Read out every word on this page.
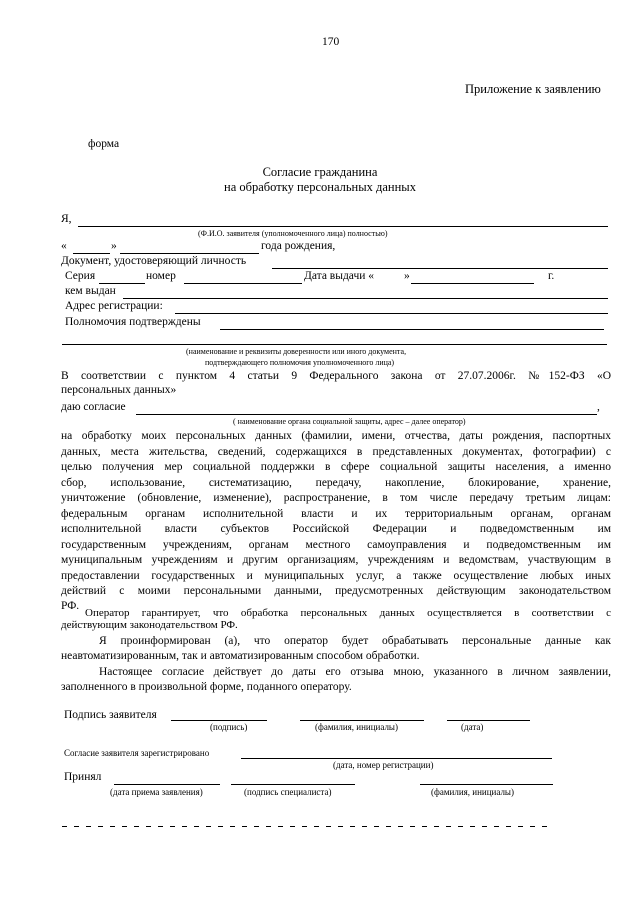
170
Приложение к заявлению
форма
Согласие гражданина
на обработку персональных данных
Я,
(Ф.И.О. заявителя (уполномоченного лица) полностью)
«	»	года рождения,
Документ, удостоверяющий личность
Серия	номер	Дата выдачи «	»	г.
кем выдан
Адрес регистрации:
Полномочия подтверждены
(наименование и реквизиты доверенности или иного документа,
подтверждающего полномочия уполномоченного лица)
В соответствии с пунктом 4 статьи 9 Федерального закона от 27.07.2006г. №152-ФЗ «О
персональных данных»
даю согласие	,
( наименование органа социальной защиты, адрес – далее оператор)
на обработку моих персональных данных (фамилии, имени, отчества, даты рождения, паспортных
данных, места жительства, сведений, содержащихся в представленных документах, фотографии) с
целью получения мер социальной поддержки в сфере социальной защиты населения, а именно
сбор, использование, систематизацию, передачу, накопление, блокирование, хранение,
уничтожение (обновление, изменение), распространение, в том числе передачу третьим лицам:
федеральным органам исполнительной власти и их территориальным органам, органам
исполнительной власти субъектов Российской Федерации и подведомственным им
государственным учреждениям, органам местного самоуправления и подведомственным им
муниципальным учреждениям и другим организациям, учреждениям и ведомствам, участвующим в
предоставлении государственных и муниципальных услуг, а также осуществление любых иных
действий с моими персональными данными, предусмотренных действующим законодательством
РФ.
Оператор гарантирует, что обработка персональных данных осуществляется в соответствии с
действующим законодательством РФ.
Я проинформирован (а), что оператор будет обрабатывать персональные данные как
неавтоматизированным, так и автоматизированным способом обработки.
Настоящее согласие действует до даты его отзыва мною, указанного в личном заявлении,
заполненного в произвольной форме, поданного оператору.
Подпись заявителя
(подпись)	(фамилия, инициалы)	(дата)
Согласие заявителя зарегистрировано
(дата, номер регистрации)
Принял
(дата приема заявления)	(подпись специалиста)	(фамилия, инициалы)
